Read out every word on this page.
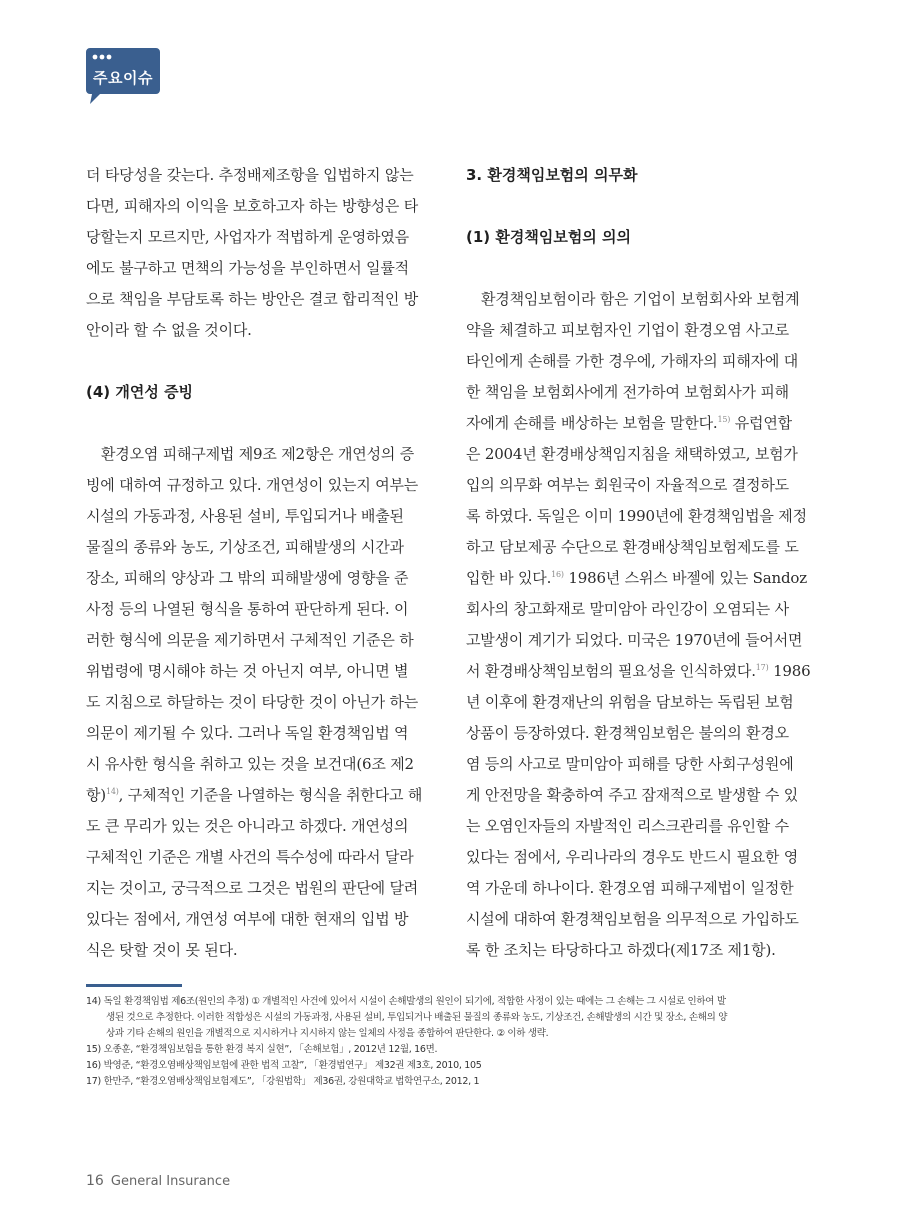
주요이슈
더 타당성을 갖는다. 추정배제조항을 입법하지 않는
다면, 피해자의 이익을 보호하고자 하는 방향성은 타
당할는지 모르지만, 사업자가 적법하게 운영하였음
에도 불구하고 면책의 가능성을 부인하면서 일률적
으로 책임을 부담토록 하는 방안은 결코 합리적인 방
안이라 할 수 없을 것이다.
(4) 개연성 증빙
환경오염 피해구제법 제9조 제2항은 개연성의 증
빙에 대하여 규정하고 있다. 개연성이 있는지 여부는
시설의 가동과정, 사용된 설비, 투입되거나 배출된
물질의 종류와 농도, 기상조건, 피해발생의 시간과
장소, 피해의 양상과 그 밖의 피해발생에 영향을 준
사정 등의 나열된 형식을 통하여 판단하게 된다. 이
러한 형식에 의문을 제기하면서 구체적인 기준은 하
위법령에 명시해야 하는 것 아닌지 여부, 아니면 별
도 지침으로 하달하는 것이 타당한 것이 아닌가 하는
의문이 제기될 수 있다. 그러나 독일 환경책임법 역
시 유사한 형식을 취하고 있는 것을 보건대(6조 제2
항)$^{14)}$, 구체적인 기준을 나열하는 형식을 취한다고 해
도 큰 무리가 있는 것은 아니라고 하겠다. 개연성의
구체적인 기준은 개별 사건의 특수성에 따라서 달라
지는 것이고, 궁극적으로 그것은 법원의 판단에 달려
있다는 점에서, 개연성 여부에 대한 현재의 입법 방
식은 탓할 것이 못 된다.
3. 환경책임보험의 의무화
(1) 환경책임보험의 의의
환경책임보험이라 함은 기업이 보험회사와 보험계
약을 체결하고 피보험자인 기업이 환경오염 사고로
타인에게 손해를 가한 경우에, 가해자의 피해자에 대
한 책임을 보험회사에게 전가하여 보험회사가 피해
자에게 손해를 배상하는 보험을 말한다.$^{15)}$ 유럽연합
은 2004년 환경배상책임지침을 채택하였고, 보험가
입의 의무화 여부는 회원국이 자율적으로 결정하도
록 하였다. 독일은 이미 1990년에 환경책임법을 제정
하고 담보제공 수단으로 환경배상책임보험제도를 도
입한 바 있다.$^{16)}$ 1986년 스위스 바젤에 있는 Sandoz
회사의 창고화재로 말미암아 라인강이 오염되는 사
고발생이 계기가 되었다. 미국은 1970년에 들어서면
서 환경배상책임보험의 필요성을 인식하였다.$^{17)}$ 1986
년 이후에 환경재난의 위험을 담보하는 독립된 보험
상품이 등장하였다. 환경책임보험은 불의의 환경오
염 등의 사고로 말미암아 피해를 당한 사회구성원에
게 안전망을 확충하여 주고 잠재적으로 발생할 수 있
는 오염인자들의 자발적인 리스크관리를 유인할 수
있다는 점에서, 우리나라의 경우도 반드시 필요한 영
역 가운데 하나이다. 환경오염 피해구제법이 일정한
시설에 대하여 환경책임보험을 의무적으로 가입하도
록 한 조치는 타당하다고 하겠다(제17조 제1항).
14) 독일 환경책임법 제6조(원인의 추정) ① 개별적인 사건에 있어서 시설이 손해발생의 원인이 되기에, 적합한 사정이 있는 때에는 그 손해는 그 시설로 인하여 발
생된 것으로 추정한다. 이러한 적합성은 시설의 가동과정, 사용된 설비, 투입되거나 배출된 물질의 종류와 농도, 기상조건, 손해발생의 시간 및 장소, 손해의 양
상과 기타 손해의 원인을 개별적으로 지시하거나 지시하지 않는 일체의 사정을 종합하여 판단한다. ② 이하 생략.
15) 오종훈, “환경책임보험을 통한 환경 복지 실현”, 「손해보험」, 2012년 12월, 16면.
16) 박영준, “환경오염배상책임보험에 관한 법적 고찰”, 「환경법연구」 제32권 제3호, 2010, 105
17) 한만주, “환경오염배상책임보험제도”, 「강원법학」 제36권, 강원대학교 법학연구소, 2012, 1
16 General Insurance
